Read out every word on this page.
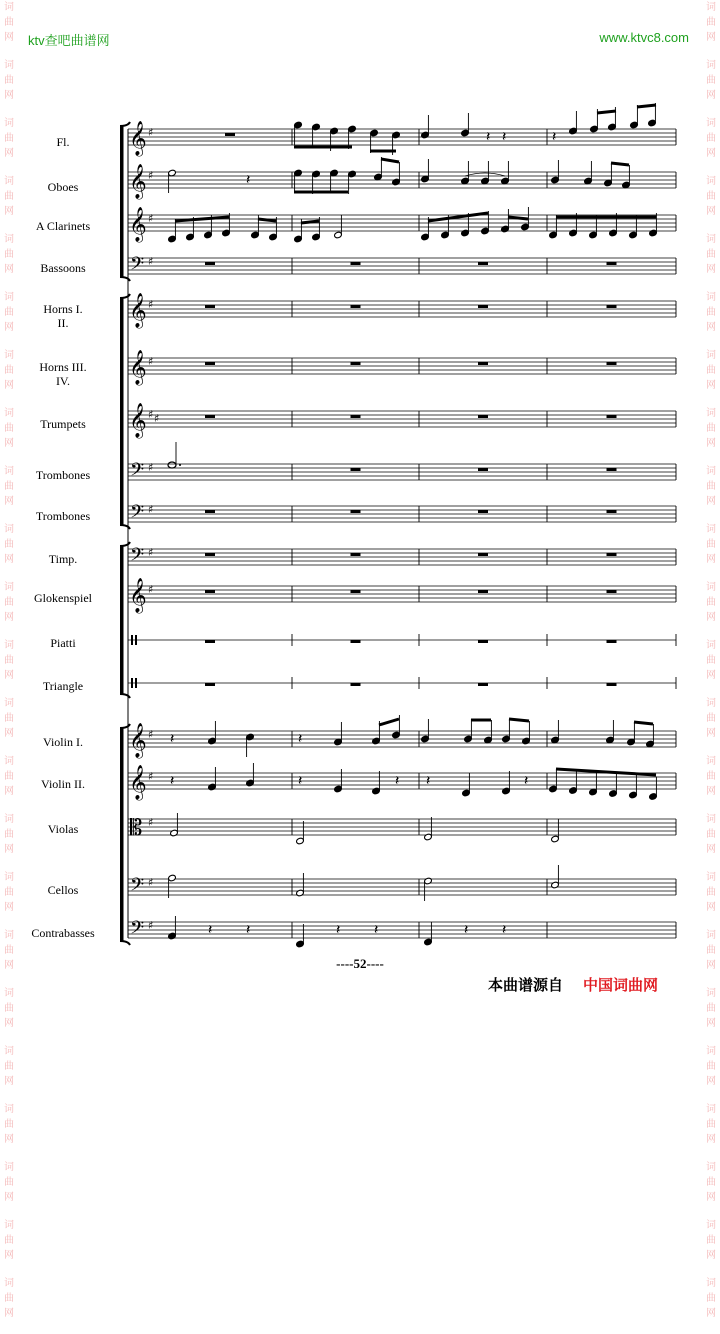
ktv查吧曲谱网	www.ktvc8.com
词
曲
网
词
曲
网
词
曲
网
词
曲
网
词
曲
网
词
曲
网
词
曲
网
词
曲
网
词
曲
网
词
曲
网
词
曲
网
词
曲
网
词
曲
网
词
曲
网
词
曲
网
词
曲
网
词
曲
网
词
曲
网
词
曲
网
词
曲
网
词
曲
网
词
曲
网
词
曲
网
词
曲
网
词
曲
网
词
曲
网
词
曲
网
词
曲
网
词
曲
网
词
曲
网
词
曲
网
词
曲
网
词
曲
网
词
曲
网
词
曲
网
词
曲
网
词
曲
网
词
曲
网
词
曲
网
词
曲
网
词
曲
网
词
曲
网
词
曲
网
词
曲
网
词
曲
网
词
曲
网
𝄞 ♯
𝄞 ♯
𝄞 ♯
𝄢 ♯
𝄞 ♯
𝄞 ♯
𝄞 ♯ ♯
𝄢 ♯
𝄢 ♯
𝄢 ♯
𝄞 ♯
𝄞 ♯
𝄞 ♯
𝄡 ♯
𝄢 ♯
𝄢 ♯
𝄽 𝄽	𝄽
𝄽
𝄽	𝄽
𝄽	𝄽	𝄽 𝄽	𝄽
𝄽 𝄽	𝄽 𝄽	𝄽 𝄽
Fl.
Oboes
A Clarinets
Bassoons
Horns I.
II.
Horns III.
IV.
Trumpets
Trombones
Trombones
Timp.
Glokenspiel
Piatti
Triangle
Violin I.
Violin II.
Violas
Cellos
Contrabasses
----52----
本曲谱源自 中国词曲网
